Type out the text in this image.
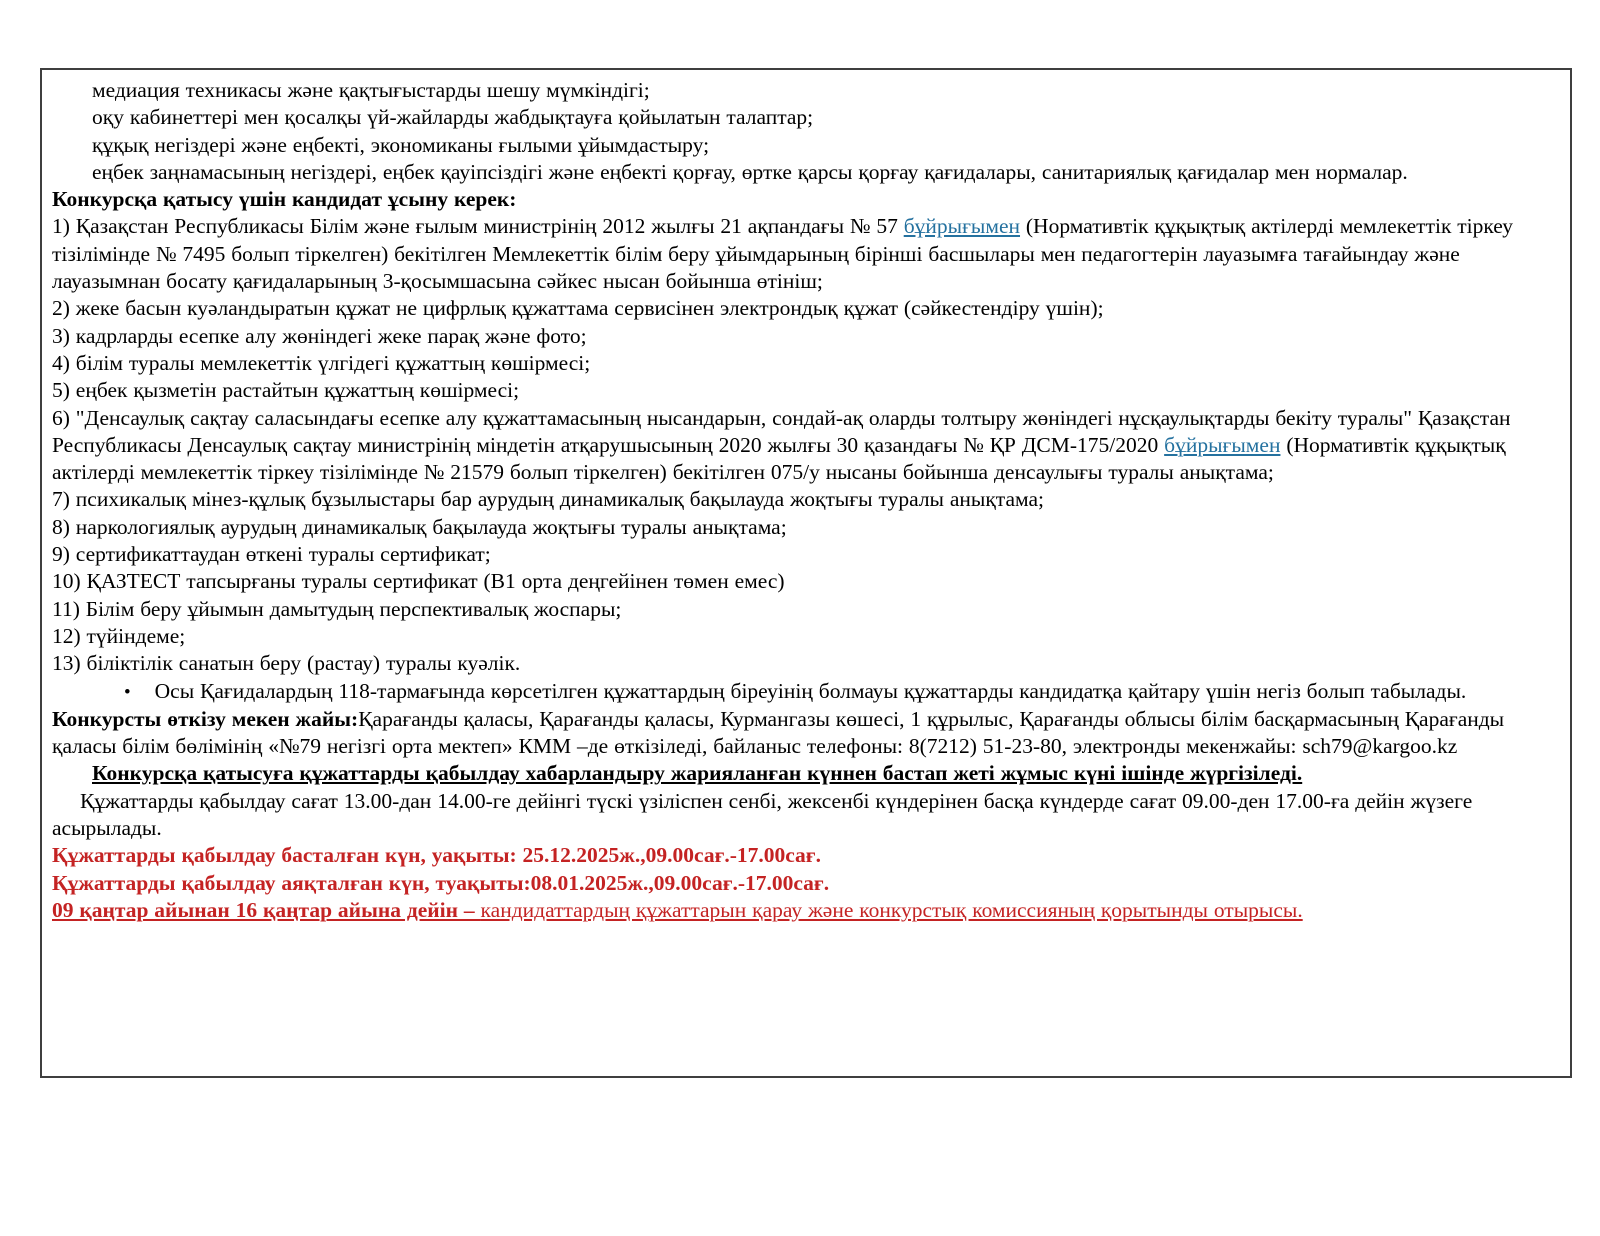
медиация техникасы және қақтығыстарды шешу мүмкіндігі;

оқу кабинеттері мен қосалқы үй-жайларды жабдықтауға қойылатын талаптар;

құқық негіздері және еңбекті, экономиканы ғылыми ұйымдастыру;

еңбек заңнамасының негіздері, еңбек қауіпсіздігі және еңбекті қорғау, өртке қарсы қорғау қағидалары, санитариялық қағидалар мен нормалар.

Конкурсқа қатысу үшін кандидат ұсыну керек:

1) Қазақстан Республикасы Білім және ғылым министрінің 2012 жылғы 21 ақпандағы № 57 бұйрығымен (Нормативтік құқықтық актілерді мемлекеттік тіркеу тізілімінде № 7495 болып тіркелген) бекітілген Мемлекеттік білім беру ұйымдарының бірінші басшылары мен педагогтерін лауазымға тағайындау және лауазымнан босату қағидаларының 3-қосымшасына сәйкес нысан бойынша өтініш;

2) жеке басын куәландыратын құжат не цифрлық құжаттама сервисінен электрондық құжат (сәйкестендіру үшін);

3) кадрларды есепке алу жөніндегі жеке парақ және фото;

4) білім туралы мемлекеттік үлгідегі құжаттың көшірмесі;

5) еңбек қызметін растайтын құжаттың көшірмесі;

6) "Денсаулық сақтау саласындағы есепке алу құжаттамасының нысандарын, сондай-ақ оларды толтыру жөніндегі нұсқаулықтарды бекіту туралы" Қазақстан Республикасы Денсаулық сақтау министрінің міндетін атқарушысының 2020 жылғы 30 қазандағы № ҚР ДСМ-175/2020 бұйрығымен (Нормативтік құқықтық актілерді мемлекеттік тіркеу тізілімінде № 21579 болып тіркелген) бекітілген 075/у нысаны бойынша денсаулығы туралы анықтама;

7) психикалық мінез-құлық бұзылыстары бар аурудың динамикалық бақылауда жоқтығы туралы анықтама;

8) наркологиялық аурудың динамикалық бақылауда жоқтығы туралы анықтама;

9) сертификаттаудан өткені туралы сертификат;

10) ҚАЗТЕСТ тапсырғаны туралы сертификат (В1 орта деңгейінен төмен емес)

11) Білім беру ұйымын дамытудың перспективалық жоспары;

12) түйіндеме;

13) біліктілік санатын беру (растау) туралы куәлік.

• Осы Қағидалардың 118-тармағында көрсетілген құжаттардың біреуінің болмауы құжаттарды кандидатқа қайтару үшін негіз болып табылады.

Конкурсты өткізу мекен жайы:Қарағанды қаласы, Қарағанды қаласы, Курмангазы көшесі, 1 құрылыс, Қарағанды облысы білім басқармасының Қарағанды қаласы білім бөлімінің «№79 негізгі орта мектеп» КММ –де өткізіледі, байланыс телефоны: 8(7212) 51-23-80, электронды мекенжайы: sch79@kargoo.kz

Конкурсқа қатысуға құжаттарды қабылдау хабарландыру жарияланған күннен бастап жеті жұмыс күні ішінде жүргізіледі.

Құжаттарды қабылдау сағат 13.00-дан 14.00-ге дейінгі түскі үзіліспен сенбі, жексенбі күндерінен басқа күндерде сағат 09.00-ден 17.00-ға дейін жүзеге асырылады.

Құжаттарды қабылдау басталған күн, уақыты: 25.12.2025ж.,09.00сағ.-17.00сағ.

Құжаттарды қабылдау аяқталған күн, туақыты:08.01.2025ж.,09.00сағ.-17.00сағ.

09 қаңтар айынан 16 қаңтар айына дейін – кандидаттардың құжаттарын қарау және конкурстық комиссияның қорытынды отырысы.
